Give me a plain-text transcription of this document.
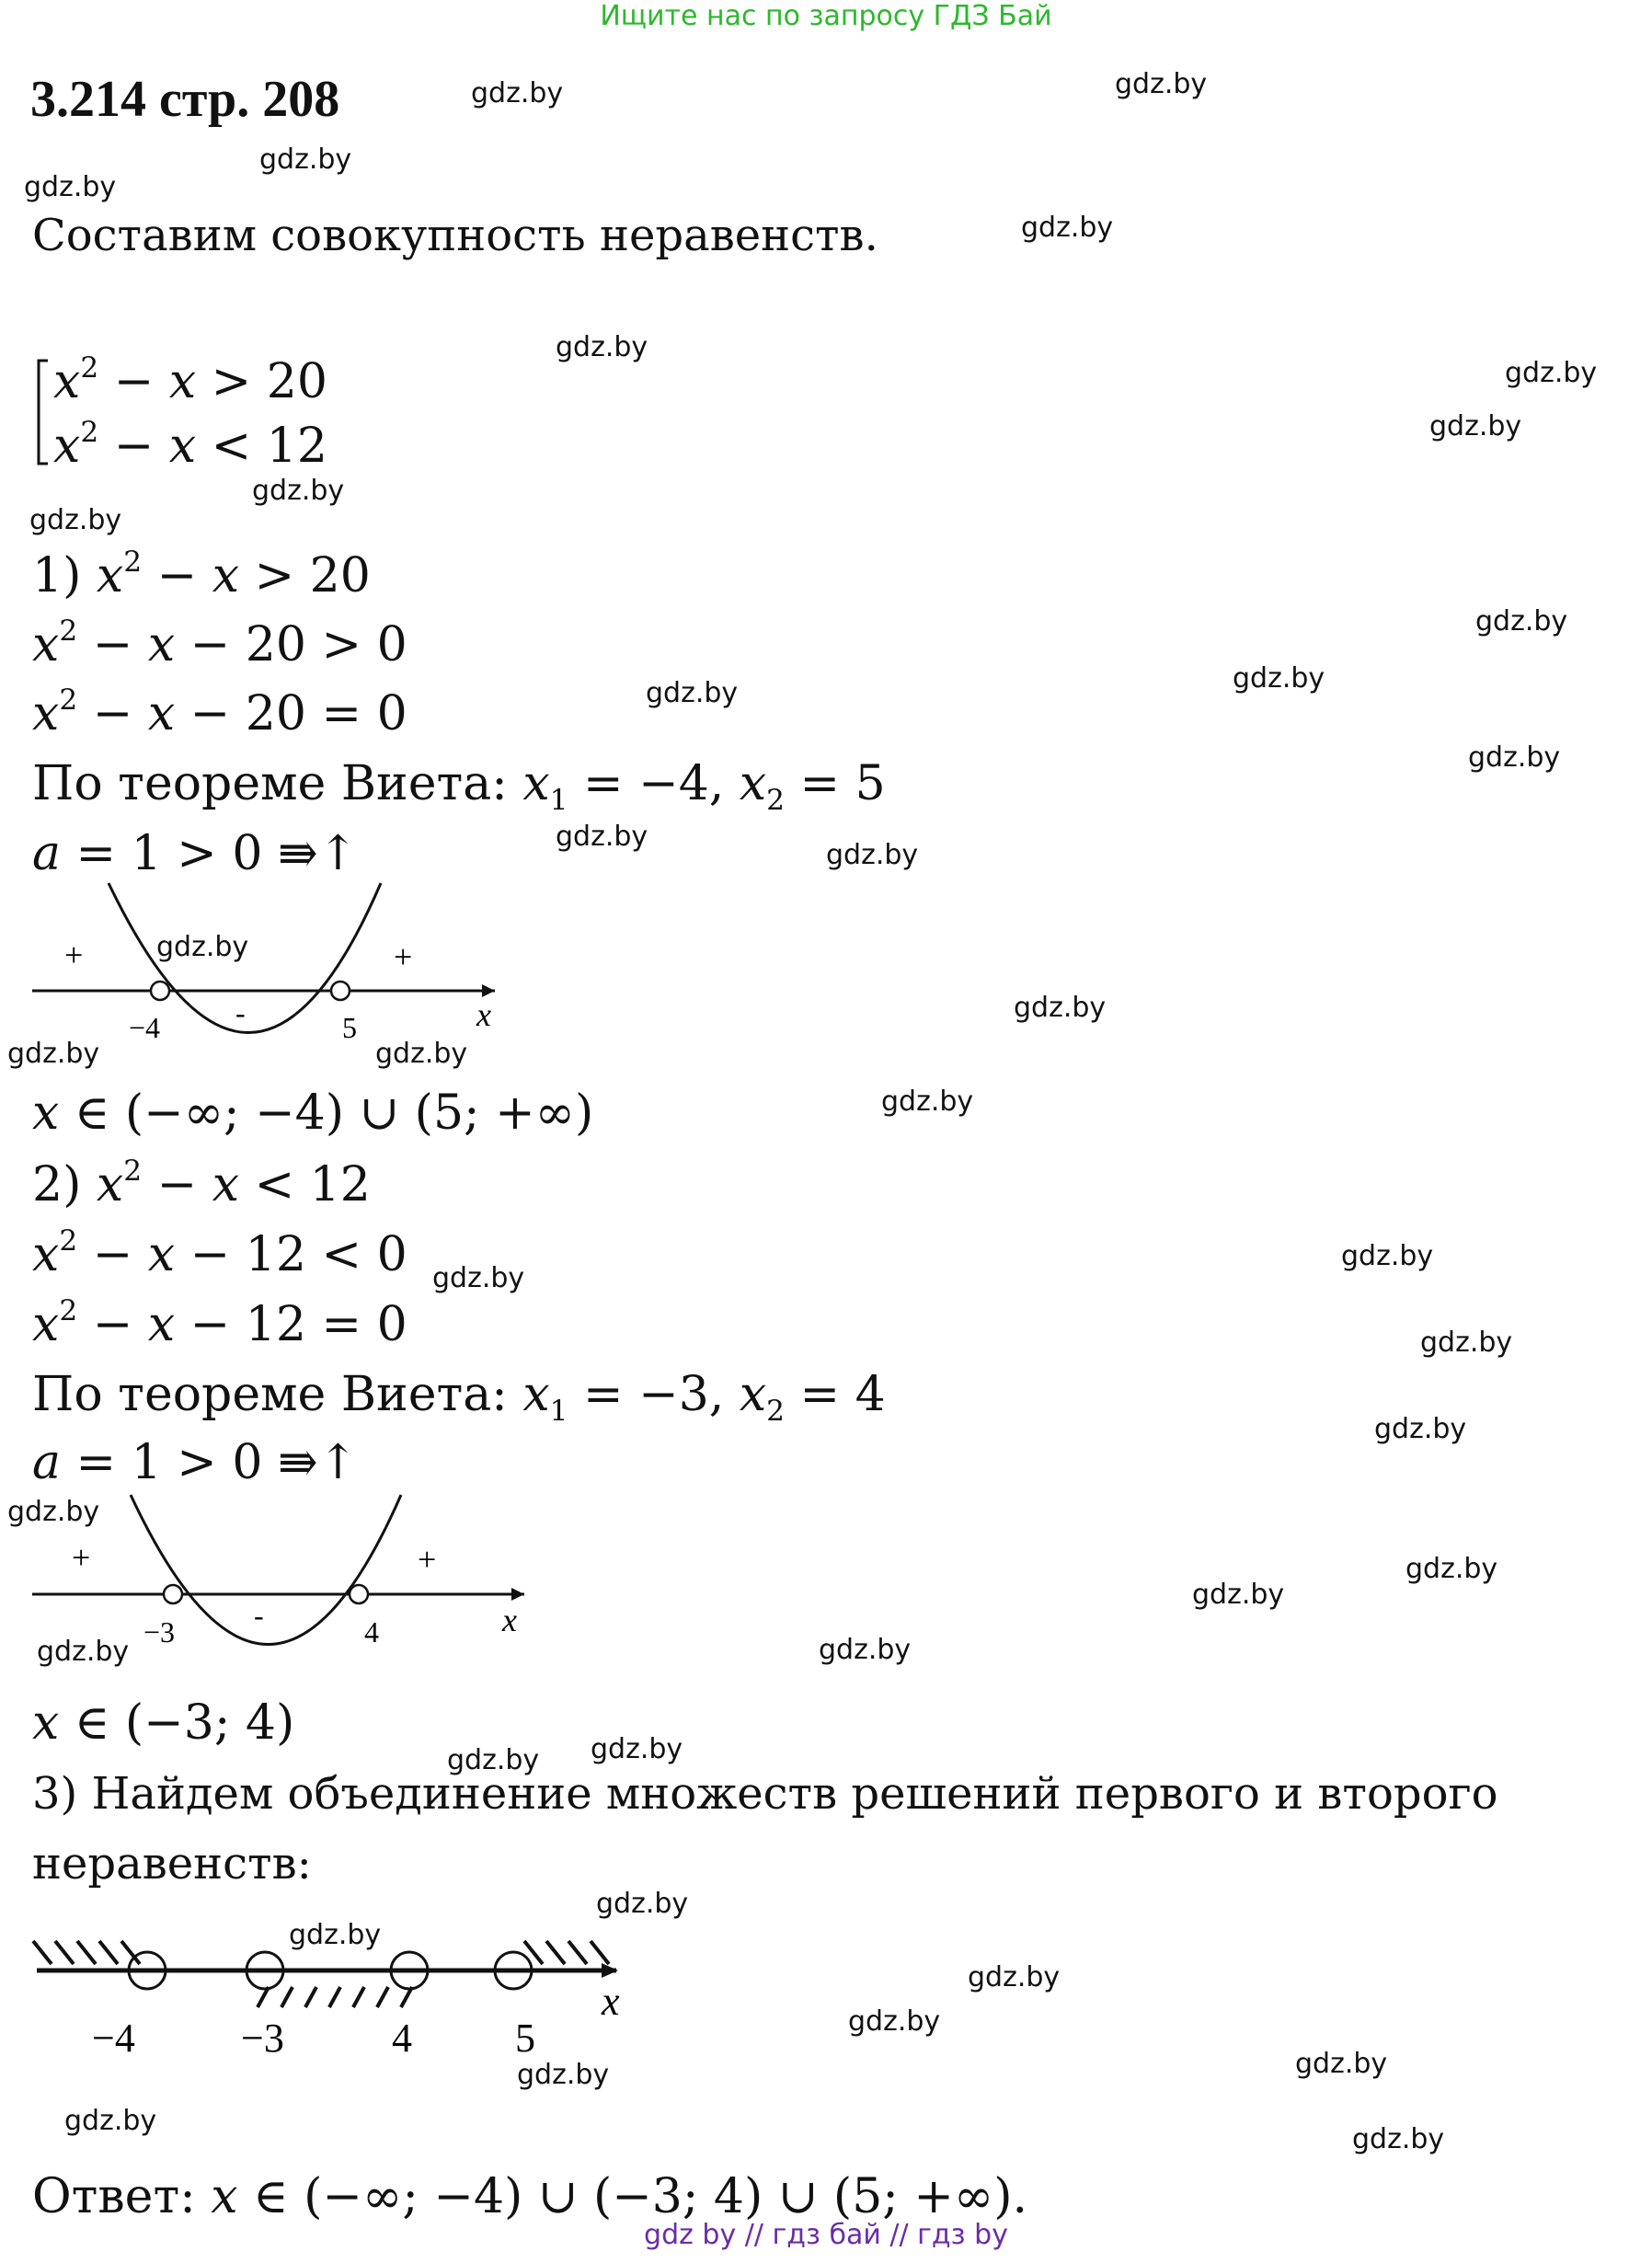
Ищите нас по запросу ГДЗ Бай
3.214 стр. 208
Составим совокупность неравенств.
$x^2 - x > 20$
$x^2 - x < 12$
1) $x^2 - x > 20$
$x^2 - x - 20 > 0$
$x^2 - x - 20 = 0$
По теореме Виета: $x_1 = -4$, $x_2 = 5$
a = 1 > 0 ⇛↑
+	+
-
−4	5	x
x ∈ (−∞; −4) ∪ (5; +∞)
2) $x^2 - x < 12$
$x^2 - x - 12 < 0$
$x^2 - x - 12 = 0$
По теореме Виета: $x_1 = -3$, $x_2 = 4$
a = 1 > 0 ⇛↑
+	+
-
−3	4	x
x ∈ (−3; 4)
3) Найдем объединение множеств решений первого и второго
неравенств:
−4	−3	4	5
x
Ответ: x ∈ (−∞; −4) ∪ (−3; 4) ∪ (5; +∞).
gdz.by	gdz.by
gdz.by
gdz.by
gdz.by
gdz.by
gdz.by
gdz.by
gdz.by
gdz.by
gdz.by
gdz.by
gdz.by
gdz.by
gdz.by
gdz.by
gdz.by
gdz.by
gdz.by	gdz.by
gdz.by
gdz.by
gdz.by
gdz.by
gdz.by
gdz.by
gdz.by
gdz.by
gdz.by	gdz.by
gdz.by
gdz.by
gdz.by
gdz.by
gdz.by
gdz.by
gdz.by
gdz.by
gdz.by
gdz.by
gdz by // гдз бай // гдз by
